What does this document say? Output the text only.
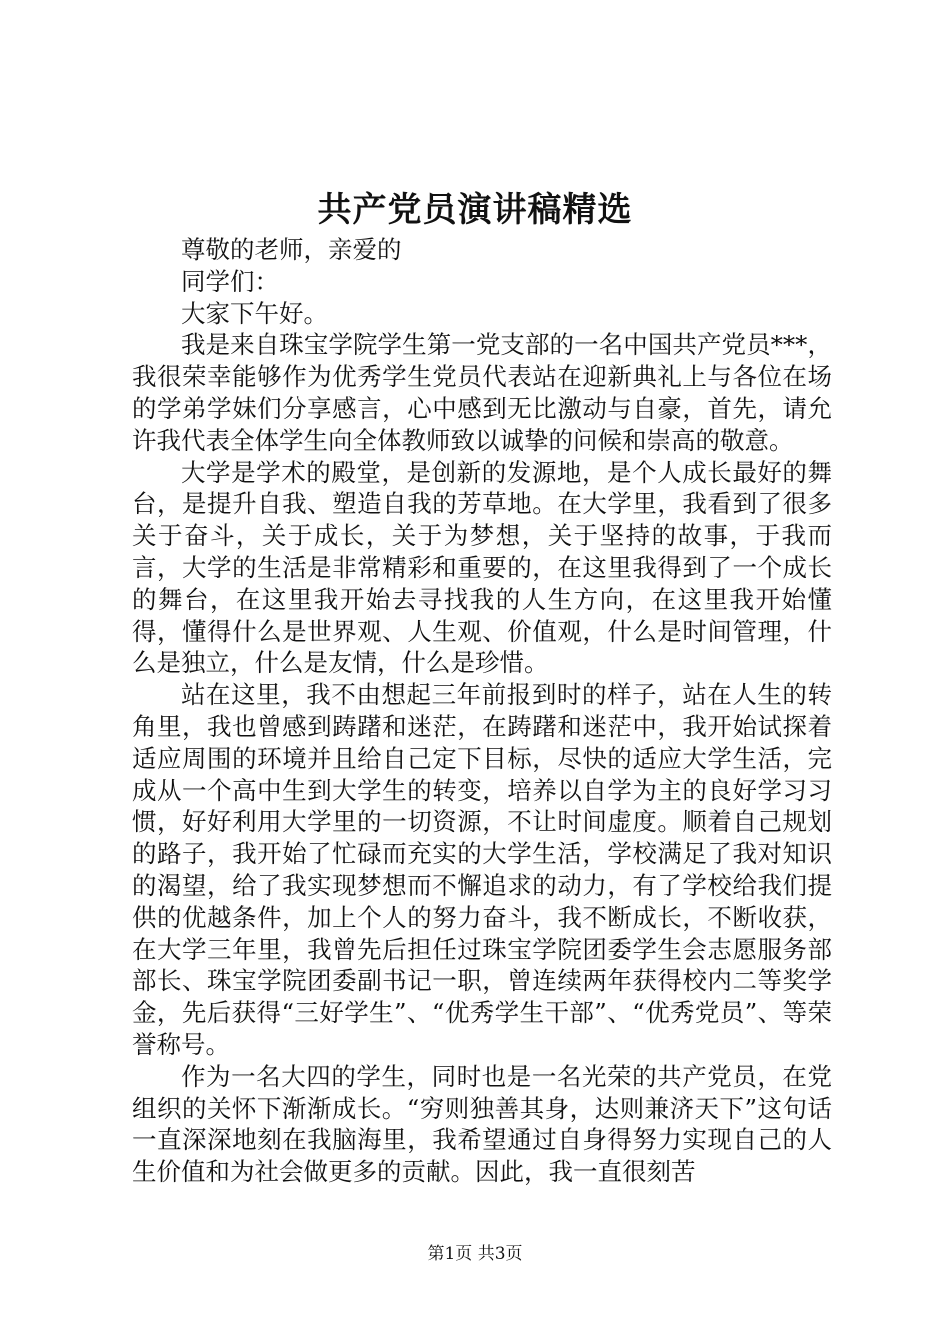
共产党员演讲稿精选

尊敬的老师，亲爱的

同学们：

大家下午好。

我是来自珠宝学院学生第一党支部的一名中国共产党员***，我很荣幸能够作为优秀学生党员代表站在迎新典礼上与各位在场的学弟学妹们分享感言，心中感到无比激动与自豪，首先，请允许我代表全体学生向全体教师致以诚挚的问候和崇高的敬意。

大学是学术的殿堂，是创新的发源地，是个人成长最好的舞台，是提升自我、塑造自我的芳草地。在大学里，我看到了很多关于奋斗，关于成长，关于为梦想，关于坚持的故事，于我而言，大学的生活是非常精彩和重要的，在这里我得到了一个成长的舞台，在这里我开始去寻找我的人生方向，在这里我开始懂得，懂得什么是世界观、人生观、价值观，什么是时间管理，什么是独立，什么是友情，什么是珍惜。

站在这里，我不由想起三年前报到时的样子，站在人生的转角里，我也曾感到踌躇和迷茫，在踌躇和迷茫中，我开始试探着适应周围的环境并且给自己定下目标，尽快的适应大学生活，完成从一个高中生到大学生的转变，培养以自学为主的良好学习习惯，好好利用大学里的一切资源，不让时间虚度。顺着自己规划的路子，我开始了忙碌而充实的大学生活，学校满足了我对知识的渴望，给了我实现梦想而不懈追求的动力，有了学校给我们提供的优越条件，加上个人的努力奋斗，我不断成长，不断收获，在大学三年里，我曾先后担任过珠宝学院团委学生会志愿服务部部长、珠宝学院团委副书记一职，曾连续两年获得校内二等奖学金，先后获得“三好学生”、“优秀学生干部”、“优秀党员”、等荣誉称号。

作为一名大四的学生，同时也是一名光荣的共产党员，在党组织的关怀下渐渐成长。“穷则独善其身，达则兼济天下”这句话一直深深地刻在我脑海里，我希望通过自身得努力实现自己的人生价值和为社会做更多的贡献。因此，我一直很刻苦

第1页 共3页
